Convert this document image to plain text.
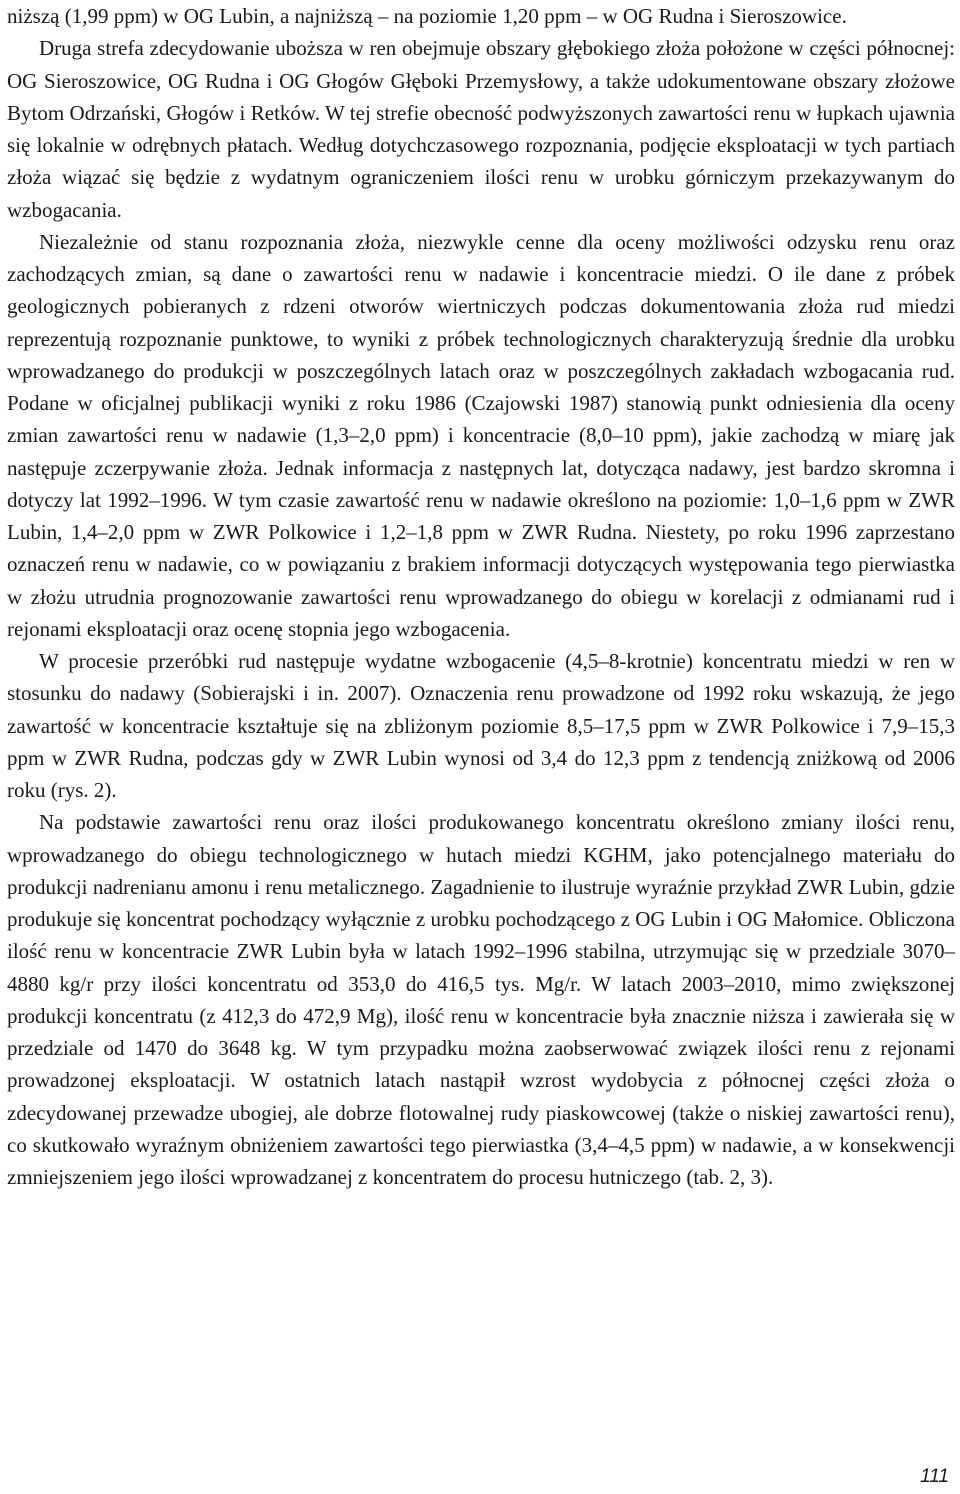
niższą (1,99 ppm) w OG Lubin, a najniższą – na poziomie 1,20 ppm – w OG Rudna i Sieroszowice.

Druga strefa zdecydowanie uboższa w ren obejmuje obszary głębokiego złoża położone w części północnej: OG Sieroszowice, OG Rudna i OG Głogów Głęboki Przemysłowy, a także udokumentowane obszary złożowe Bytom Odrzański, Głogów i Retków. W tej strefie obecność podwyższonych zawartości renu w łupkach ujawnia się lokalnie w odrębnych płatach. Według dotychczasowego rozpoznania, podjęcie eksploatacji w tych partiach złoża wiązać się będzie z wydatnym ograniczeniem ilości renu w urobku górniczym przekazywanym do wzbogacania.

Niezależnie od stanu rozpoznania złoża, niezwykle cenne dla oceny możliwości odzysku renu oraz zachodzących zmian, są dane o zawartości renu w nadawie i koncentracie miedzi. O ile dane z próbek geologicznych pobieranych z rdzeni otworów wiertniczych podczas dokumentowania złoża rud miedzi reprezentują rozpoznanie punktowe, to wyniki z próbek technologicznych charakteryzują średnie dla urobku wprowadzanego do produkcji w poszczególnych latach oraz w poszczególnych zakładach wzbogacania rud. Podane w oficjalnej publikacji wyniki z roku 1986 (Czajowski 1987) stanowią punkt odniesienia dla oceny zmian zawartości renu w nadawie (1,3–2,0 ppm) i koncentracie (8,0–10 ppm), jakie zachodzą w miarę jak następuje zczerpywanie złoża. Jednak informacja z następnych lat, dotycząca nadawy, jest bardzo skromna i dotyczy lat 1992–1996. W tym czasie zawartość renu w nadawie określono na poziomie: 1,0–1,6 ppm w ZWR Lubin, 1,4–2,0 ppm w ZWR Polkowice i 1,2–1,8 ppm w ZWR Rudna. Niestety, po roku 1996 zaprzestano oznaczeń renu w nadawie, co w powiązaniu z brakiem informacji dotyczących występowania tego pierwiastka w złożu utrudnia prognozowanie zawartości renu wprowadzanego do obiegu w korelacji z odmianami rud i rejonami eksploatacji oraz ocenę stopnia jego wzbogacenia.

W procesie przeróbki rud następuje wydatne wzbogacenie (4,5–8-krotnie) koncentratu miedzi w ren w stosunku do nadawy (Sobierajski i in. 2007). Oznaczenia renu prowadzone od 1992 roku wskazują, że jego zawartość w koncentracie kształtuje się na zbliżonym poziomie 8,5–17,5 ppm w ZWR Polkowice i 7,9–15,3 ppm w ZWR Rudna, podczas gdy w ZWR Lubin wynosi od 3,4 do 12,3 ppm z tendencją zniżkową od 2006 roku (rys. 2).

Na podstawie zawartości renu oraz ilości produkowanego koncentratu określono zmiany ilości renu, wprowadzanego do obiegu technologicznego w hutach miedzi KGHM, jako potencjalnego materiału do produkcji nadrenianu amonu i renu metalicznego. Zagadnienie to ilustruje wyraźnie przykład ZWR Lubin, gdzie produkuje się koncentrat pochodzący wyłącznie z urobku pochodzącego z OG Lubin i OG Małomice. Obliczona ilość renu w koncentracie ZWR Lubin była w latach 1992–1996 stabilna, utrzymując się w przedziale 3070–4880 kg/r przy ilości koncentratu od 353,0 do 416,5 tys. Mg/r. W latach 2003–2010, mimo zwiększonej produkcji koncentratu (z 412,3 do 472,9 Mg), ilość renu w koncentracie była znacznie niższa i zawierała się w przedziale od 1470 do 3648 kg. W tym przypadku można zaobserwować związek ilości renu z rejonami prowadzonej eksploatacji. W ostatnich latach nastąpił wzrost wydobycia z północnej części złoża o zdecydowanej przewadze ubogiej, ale dobrze flotowalnej rudy piaskowcowej (także o niskiej zawartości renu), co skutkowało wyraźnym obniżeniem zawartości tego pierwiastka (3,4–4,5 ppm) w nadawie, a w konsekwencji zmniejszeniem jego ilości wprowadzanej z koncentratem do procesu hutniczego (tab. 2, 3).

111
